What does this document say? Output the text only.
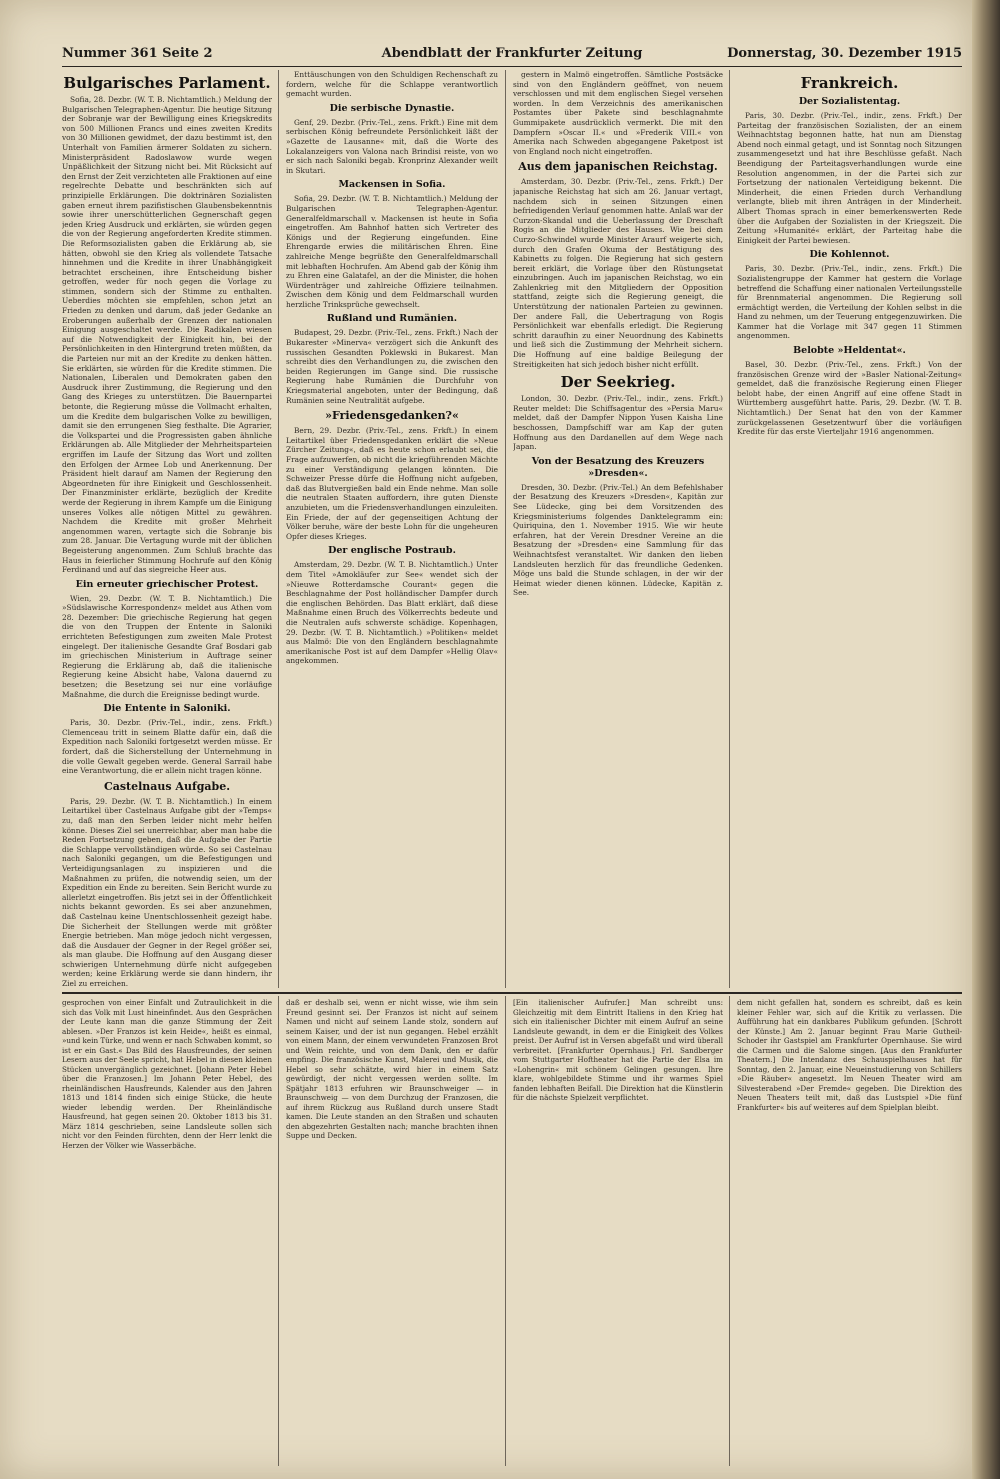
Nummer 361 Seite 2	Abendblatt der Frankfurter Zeitung	Donnerstag, 30. Dezember 1915
Bulgarisches Parlament.

Sofia, 28. Dezbr. (W. T. B. Nichtamtlich.) Meldung der Bulgarischen Telegraphen-Agentur. Die heutige Sitzung der Sobranje war der Bewilligung eines Kriegskredits von 500 Millionen Francs und eines zweiten Kredits von 30 Millionen gewidmet, der dazu bestimmt ist, den Unterhalt von Familien ärmerer Soldaten zu sichern. Ministerpräsident Radoslawow wurde wegen Unpäßlichkeit der Sitzung nicht bei. Mit Rücksicht auf den Ernst der Zeit verzichteten alle Fraktionen auf eine regelrechte Debatte und beschränkten sich auf prinzipielle Erklärungen. Die doktrinären Sozialisten gaben erneut ihrem pazifistischen Glaubensbekenntnis sowie ihrer unerschütterlichen Gegnerschaft gegen jeden Krieg Ausdruck und erklärten, sie würden gegen die von der Regierung angeforderten Kredite stimmen. Die Reformsozialisten gaben die Erklärung ab, sie hätten, obwohl sie den Krieg als vollendete Tatsache hinnehmen und die Kredite in ihrer Unabhängigkeit betrachtet erscheinen, ihre Entscheidung bisher getroffen, weder für noch gegen die Vorlage zu stimmen, sondern sich der Stimme zu enthalten. Ueberdies möchten sie empfehlen, schon jetzt an Frieden zu denken und darum, daß jeder Gedanke an Eroberungen außerhalb der Grenzen der nationalen Einigung ausgeschaltet werde. Die Radikalen wiesen auf die Notwendigkeit der Einigkeit hin, bei der Persönlichkeiten in den Hintergrund treten müßten, da die Parteien nur mit an der Kredite zu denken hätten. Sie erklärten, sie würden für die Kredite stimmen. Die Nationalen, Liberalen und Demokraten gaben den Ausdruck ihrer Zustimmung, die Regierung und den Gang des Krieges zu unterstützen. Die Bauernpartei betonte, die Regierung müsse die Vollmacht erhalten, um die Kredite dem bulgarischen Volke zu bewilligen, damit sie den errungenen Sieg festhalte. Die Agrarier, die Volkspartei und die Progressisten gaben ähnliche Erklärungen ab. Alle Mitglieder der Mehrheitsparteien ergriffen im Laufe der Sitzung das Wort und zollten den Erfolgen der Armee Lob und Anerkennung. Der Präsident hielt darauf am Namen der Regierung den Abgeordneten für ihre Einigkeit und Geschlossenheit. Der Finanzminister erklärte, bezüglich der Kredite werde der Regierung in ihrem Kampfe um die Einigung unseres Volkes alle nötigen Mittel zu gewähren. Nachdem die Kredite mit großer Mehrheit angenommen waren, vertagte sich die Sobranje bis zum 28. Januar. Die Vertagung wurde mit der üblichen Begeisterung angenommen. Zum Schluß brachte das Haus in feierlicher Stimmung Hochrufe auf den König Ferdinand und auf das siegreiche Heer aus.

Ein erneuter griechischer Protest.

Wien, 29. Dezbr. (W. T. B. Nichtamtlich.) Die »Südslawische Korrespondenz« meldet aus Athen vom 28. Dezember: Die griechische Regierung hat gegen die von den Truppen der Entente in Saloniki errichteten Befestigungen zum zweiten Male Protest eingelegt. Der italienische Gesandte Graf Bosdari gab im griechischen Ministerium in Auftrage seiner Regierung die Erklärung ab, daß die italienische Regierung keine Absicht habe, Valona dauernd zu besetzen; die Besetzung sei nur eine vorläufige Maßnahme, die durch die Ereignisse bedingt wurde.

Die Entente in Saloniki.

Paris, 30. Dezbr. (Priv.-Tel., indir., zens. Frkft.) Clemenceau tritt in seinem Blatte dafür ein, daß die Expedition nach Saloniki fortgesetzt werden müsse. Er fordert, daß die Sicherstellung der Unternehmung in die volle Gewalt gegeben werde. General Sarrail habe eine Verantwortung, die er allein nicht tragen könne.

Castelnaus Aufgabe.

Paris, 29. Dezbr. (W. T. B. Nichtamtlich.) In einem Leitartikel über Castelnaus Aufgabe gibt der »Temps« zu, daß man den Serben leider nicht mehr helfen könne. Dieses Ziel sei unerreichbar, aber man habe die Reden Fortsetzung geben, daß die Aufgabe der Partie die Schlappe vervollständigen würde. So sei Castelnau nach Saloniki gegangen, um die Befestigungen und Verteidigungsanlagen zu inspizieren und die Maßnahmen zu prüfen, die notwendig seien, um der Expedition ein Ende zu bereiten. Sein Bericht wurde zu allerletzt eingetroffen. Bis jetzt sei in der Öffentlichkeit nichts bekannt geworden. Es sei aber anzunehmen, daß Castelnau keine Unentschlossenheit gezeigt habe. Die Sicherheit der Stellungen werde mit größter Energie betrieben. Man möge jedoch nicht vergessen, daß die Ausdauer der Gegner in der Regel größer sei, als man glaube. Die Hoffnung auf den Ausgang dieser schwierigen Unternehmung dürfe nicht aufgegeben werden; keine Erklärung werde sie dann hindern, ihr Ziel zu erreichen.

Enttäuschungen von den Schuldigen Rechenschaft zu fordern, welche für die Schlappe verantwortlich gemacht wurden.

Die serbische Dynastie.

Genf, 29. Dezbr. (Priv.-Tel., zens. Frkft.) Eine mit dem serbischen König befreundete Persönlichkeit läßt der »Gazette de Lausanne« mit, daß die Worte des Lokalanzeigers von Valona nach Brindisi reiste, von wo er sich nach Saloniki begab. Kronprinz Alexander weilt in Skutari.

Mackensen in Sofia.

Sofia, 29. Dezbr. (W. T. B. Nichtamtlich.) Meldung der Bulgarischen Telegraphen-Agentur. Generalfeldmarschall v. Mackensen ist heute in Sofia eingetroffen. Am Bahnhof hatten sich Vertreter des Königs und der Regierung eingefunden. Eine Ehrengarde erwies die militärischen Ehren. Eine zahlreiche Menge begrüßte den Generalfeldmarschall mit lebhaften Hochrufen. Am Abend gab der König ihm zu Ehren eine Galatafel, an der die Minister, die hohen Würdenträger und zahlreiche Offiziere teilnahmen. Zwischen dem König und dem Feldmarschall wurden herzliche Trinksprüche gewechselt.

Rußland und Rumänien.

Budapest, 29. Dezbr. (Priv.-Tel., zens. Frkft.) Nach der Bukarester »Minerva« verzögert sich die Ankunft des russischen Gesandten Poklewski in Bukarest. Man schreibt dies den Verhandlungen zu, die zwischen den beiden Regierungen im Gange sind. Die russische Regierung habe Rumänien die Durchfuhr von Kriegsmaterial angeboten, unter der Bedingung, daß Rumänien seine Neutralität aufgebe.

»Friedensgedanken?«

Bern, 29. Dezbr. (Priv.-Tel., zens. Frkft.) In einem Leitartikel über Friedensgedanken erklärt die »Neue Zürcher Zeitung«, daß es heute schon erlaubt sei, die Frage aufzuwerfen, ob nicht die kriegführenden Mächte zu einer Verständigung gelangen könnten. Die Schweizer Presse dürfe die Hoffnung nicht aufgeben, daß das Blutvergießen bald ein Ende nehme. Man solle die neutralen Staaten auffordern, ihre guten Dienste anzubieten, um die Friedensverhandlungen einzuleiten. Ein Friede, der auf der gegenseitigen Achtung der Völker beruhe, wäre der beste Lohn für die ungeheuren Opfer dieses Krieges.

Der englische Postraub.

Amsterdam, 29. Dezbr. (W. T. B. Nichtamtlich.) Unter dem Titel »Amokläufer zur See« wendet sich der »Nieuwe Rotterdamsche Courant« gegen die Beschlagnahme der Post holländischer Dampfer durch die englischen Behörden. Das Blatt erklärt, daß diese Maßnahme einen Bruch des Völkerrechts bedeute und die Neutralen aufs schwerste schädige. Kopenhagen, 29. Dezbr. (W. T. B. Nichtamtlich.) »Politiken« meldet aus Malmö: Die von den Engländern beschlagnahmte amerikanische Post ist auf dem Dampfer »Hellig Olav« angekommen.

gestern in Malmö eingetroffen. Sämtliche Postsäcke sind von den Engländern geöffnet, von neuem verschlossen und mit dem englischen Siegel versehen worden. In dem Verzeichnis des amerikanischen Postamtes über Pakete sind beschlagnahmte Gummipakete ausdrücklich vermerkt. Die mit den Dampfern »Oscar II.« und »Frederik VIII.« von Amerika nach Schweden abgegangene Paketpost ist von England noch nicht eingetroffen.

Aus dem japanischen Reichstag.

Amsterdam, 30. Dezbr. (Priv.-Tel., zens. Frkft.) Der japanische Reichstag hat sich am 26. Januar vertagt, nachdem sich in seinen Sitzungen einen befriedigenden Verlauf genommen hatte. Anlaß war der Curzon-Skandal und die Ueberlassung der Dreschaft Rogis an die Mitglieder des Hauses. Wie bei dem Curzo-Schwindel wurde Minister Araurf weigerte sich, durch den Grafen Okuma der Bestätigung des Kabinetts zu folgen. Die Regierung hat sich gestern bereit erklärt, die Vorlage über den Rüstungsetat einzubringen. Auch im japanischen Reichstag, wo ein Zahlenkrieg mit den Mitgliedern der Opposition stattfand, zeigte sich die Regierung geneigt, die Unterstützung der nationalen Parteien zu gewinnen. Der andere Fall, die Uebertragung von Rogis Persönlichkeit war ebenfalls erledigt. Die Regierung schritt daraufhin zu einer Neuordnung des Kabinetts und ließ sich die Zustimmung der Mehrheit sichern. Die Hoffnung auf eine baldige Beilegung der Streitigkeiten hat sich jedoch bisher nicht erfüllt.

Der Seekrieg.

London, 30. Dezbr. (Priv.-Tel., indir., zens. Frkft.) Reuter meldet: Die Schiffsagentur des »Persia Maru« meldet, daß der Dampfer Nippon Yusen Kaisha Line beschossen, Dampfschiff war am Kap der guten Hoffnung aus den Dardanellen auf dem Wege nach Japan.

Von der Besatzung des Kreuzers »Dresden«.

Dresden, 30. Dezbr. (Priv.-Tel.) An dem Befehlshaber der Besatzung des Kreuzers »Dresden«, Kapitän zur See Lüdecke, ging bei dem Vorsitzenden des Kriegsministeriums folgendes Danktelegramm ein: Quiriquina, den 1. November 1915. Wie wir heute erfahren, hat der Verein Dresdner Vereine an die Besatzung der »Dresden« eine Sammlung für das Weihnachtsfest veranstaltet. Wir danken den lieben Landsleuten herzlich für das freundliche Gedenken. Möge uns bald die Stunde schlagen, in der wir der Heimat wieder dienen können. Lüdecke, Kapitän z. See.

Frankreich.
Der Sozialistentag.

Paris, 30. Dezbr. (Priv.-Tel., indir., zens. Frkft.) Der Parteitag der französischen Sozialisten, der an einem Weihnachtstag begonnen hatte, hat nun am Dienstag Abend noch einmal getagt, und ist Sonntag noch Sitzungen zusammengesetzt und hat ihre Beschlüsse gefaßt. Nach Beendigung der Parteitagsverhandlungen wurde eine Resolution angenommen, in der die Partei sich zur Fortsetzung der nationalen Verteidigung bekennt. Die Minderheit, die einen Frieden durch Verhandlung verlangte, blieb mit ihren Anträgen in der Minderheit. Albert Thomas sprach in einer bemerkenswerten Rede über die Aufgaben der Sozialisten in der Kriegszeit. Die Zeitung »Humanité« erklärt, der Parteitag habe die Einigkeit der Partei bewiesen.

Die Kohlennot.

Paris, 30. Dezbr. (Priv.-Tel., indir., zens. Frkft.) Die Sozialistengruppe der Kammer hat gestern die Vorlage betreffend die Schaffung einer nationalen Verteilungsstelle für Brennmaterial angenommen. Die Regierung soll ermächtigt werden, die Verteilung der Kohlen selbst in die Hand zu nehmen, um der Teuerung entgegenzuwirken. Die Kammer hat die Vorlage mit 347 gegen 11 Stimmen angenommen.

Belobte »Heldentat«.

Basel, 30. Dezbr. (Priv.-Tel., zens. Frkft.) Von der französischen Grenze wird der »Basler National-Zeitung« gemeldet, daß die französische Regierung einen Flieger belobt habe, der einen Angriff auf eine offene Stadt in Württemberg ausgeführt hatte. Paris, 29. Dezbr. (W. T. B. Nichtamtlich.) Der Senat hat den von der Kammer zurückgelassenen Gesetzentwurf über die vorläufigen Kredite für das erste Vierteljahr 1916 angenommen.

gesprochen von einer Einfalt und Zutraulichkeit in die sich das Volk mit Lust hineinfindet. Aus den Gesprächen der Leute kann man die ganze Stimmung der Zeit ablesen. »Der Franzos ist kein Heide«, heißt es einmal, »und kein Türke, und wenn er nach Schwaben kommt, so ist er ein Gast.« Das Bild des Hausfreundes, der seinen Lesern aus der Seele spricht, hat Hebel in diesen kleinen Stücken unvergänglich gezeichnet. [Johann Peter Hebel über die Franzosen.] Im Johann Peter Hebel, des rheinländischen Hausfreunds, Kalender aus den Jahren 1813 und 1814 finden sich einige Stücke, die heute wieder lebendig werden. Der Rheinländische Hausfreund, hat gegen seinen 20. Oktober 1813 bis 31. März 1814 geschrieben, seine Landsleute sollen sich nicht vor den Feinden fürchten, denn der Herr lenkt die Herzen der Völker wie Wasserbäche.

daß er deshalb sei, wenn er nicht wisse, wie ihm sein Freund gesinnt sei. Der Franzos ist nicht auf seinem Namen und nicht auf seinem Lande stolz, sondern auf seinem Kaiser, und der ist nun gegangen. Hebel erzählt von einem Mann, der einem verwundeten Franzosen Brot und Wein reichte, und von dem Dank, den er dafür empfing. Die französische Kunst, Malerei und Musik, die Hebel so sehr schätzte, wird hier in einem Satz gewürdigt, der nicht vergessen werden sollte. Im Spätjahr 1813 erfuhren wir Braunschweiger — in Braunschweig — von dem Durchzug der Franzosen, die auf ihrem Rückzug aus Rußland durch unsere Stadt kamen. Die Leute standen an den Straßen und schauten den abgezehrten Gestalten nach; manche brachten ihnen Suppe und Decken.

[Ein italienischer Aufrufer.] Man schreibt uns: Gleichzeitig mit dem Eintritt Italiens in den Krieg hat sich ein italienischer Dichter mit einem Aufruf an seine Landsleute gewandt, in dem er die Einigkeit des Volkes preist. Der Aufruf ist in Versen abgefaßt und wird überall verbreitet. [Frankfurter Opernhaus.] Frl. Sandberger vom Stuttgarter Hoftheater hat die Partie der Elsa im »Lohengrin« mit schönem Gelingen gesungen. Ihre klare, wohlgebildete Stimme und ihr warmes Spiel fanden lebhaften Beifall. Die Direktion hat die Künstlerin für die nächste Spielzeit verpflichtet.

dem nicht gefallen hat, sondern es schreibt, daß es kein kleiner Fehler war, sich auf die Kritik zu verlassen. Die Aufführung hat ein dankbares Publikum gefunden. [Schrott der Künste.] Am 2. Januar beginnt Frau Marie Gutheil-Schoder ihr Gastspiel am Frankfurter Opernhause. Sie wird die Carmen und die Salome singen. [Aus den Frankfurter Theatern.] Die Intendanz des Schauspielhauses hat für Sonntag, den 2. Januar, eine Neueinstudierung von Schillers »Die Räuber« angesetzt. Im Neuen Theater wird am Silvesterabend »Der Fremde« gegeben. Die Direktion des Neuen Theaters teilt mit, daß das Lustspiel »Die fünf Frankfurter« bis auf weiteres auf dem Spielplan bleibt.
